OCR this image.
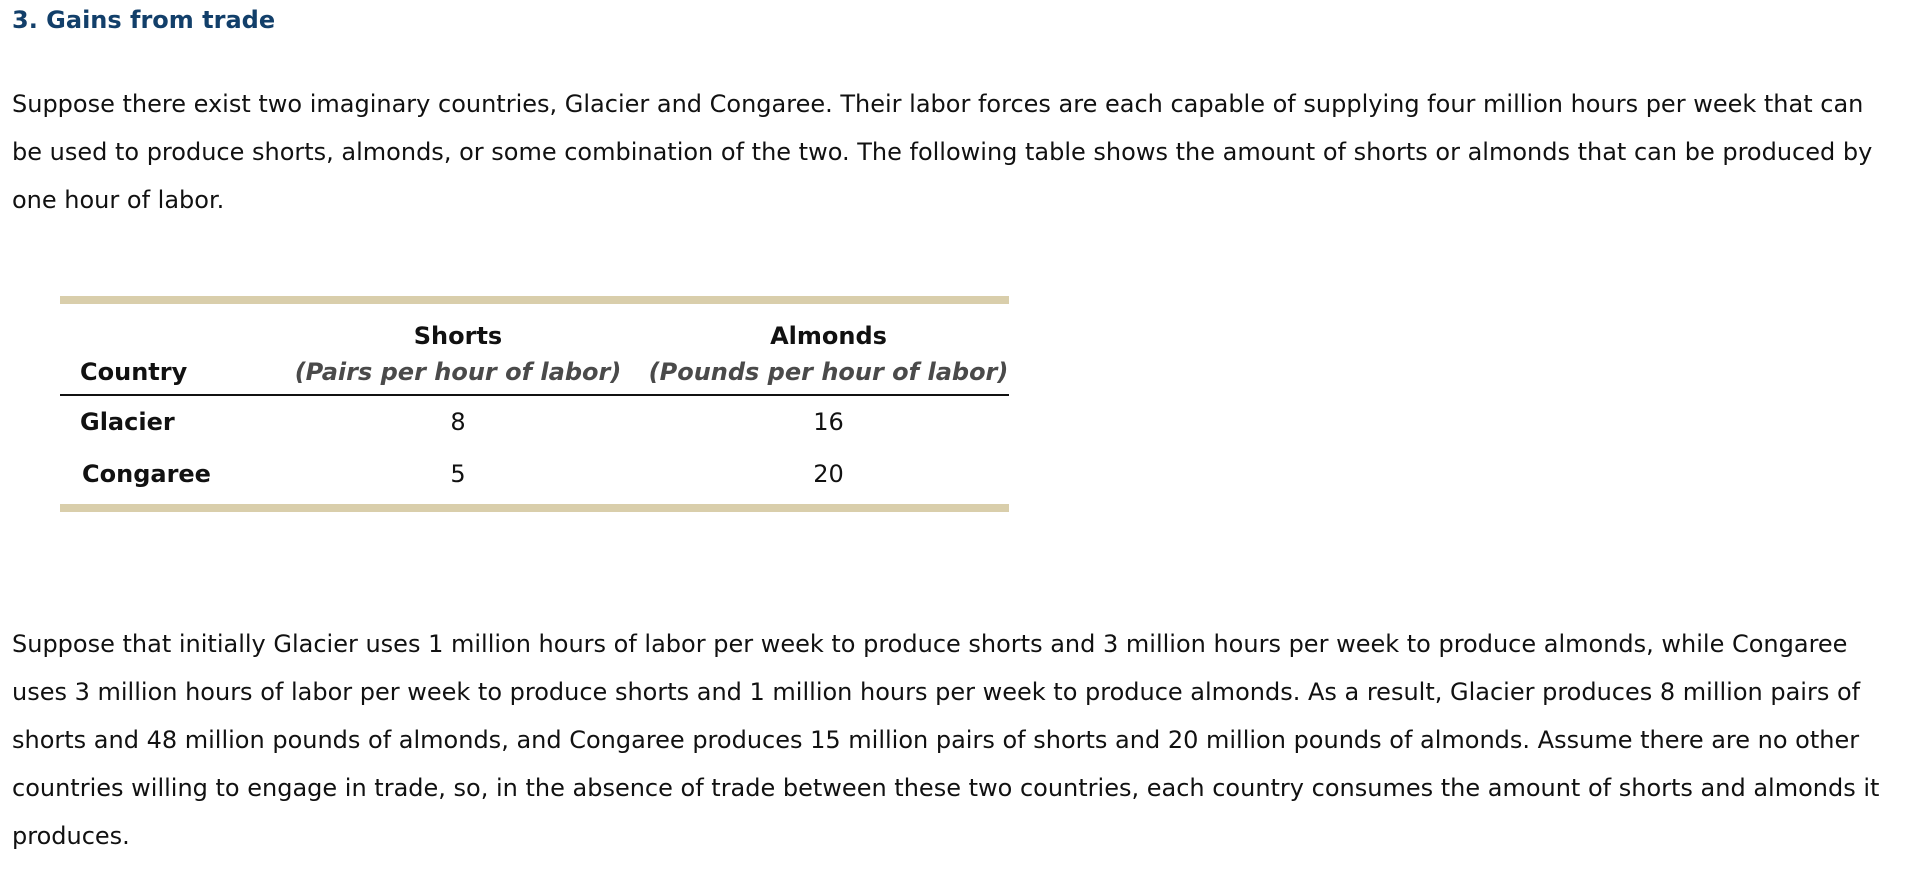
3. Gains from trade

Suppose there exist two imaginary countries, Glacier and Congaree. Their labor forces are each capable of supplying four million hours per week that can be used to produce shorts, almonds, or some combination of the two. The following table shows the amount of shorts or almonds that can be produced by one hour of labor.

	Shorts	Almonds
Country	(Pairs per hour of labor)	(Pounds per hour of labor)
Glacier	8	16
Congaree	5	20

Suppose that initially Glacier uses 1 million hours of labor per week to produce shorts and 3 million hours per week to produce almonds, while Congaree uses 3 million hours of labor per week to produce shorts and 1 million hours per week to produce almonds. As a result, Glacier produces 8 million pairs of shorts and 48 million pounds of almonds, and Congaree produces 15 million pairs of shorts and 20 million pounds of almonds. Assume there are no other countries willing to engage in trade, so, in the absence of trade between these two countries, each country consumes the amount of shorts and almonds it produces.
